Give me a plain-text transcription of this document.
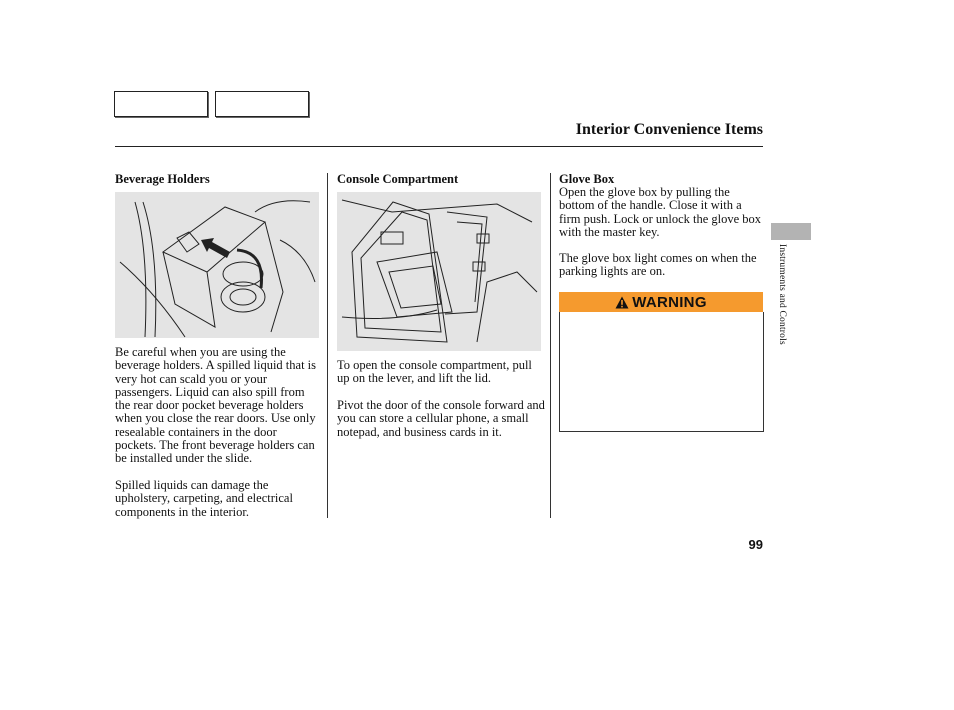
Interior Convenience Items
Beverage Holders
Be careful when you are using the beverage holders. A spilled liquid that is very hot can scald you or your passengers. Liquid can also spill from the rear door pocket beverage holders when you close the rear doors. Use only resealable containers in the door pockets. The front beverage holders can be installed under the slide.
Spilled liquids can damage the upholstery, carpeting, and electrical components in the interior.
Console Compartment
To open the console compartment, pull up on the lever, and lift the lid.
Pivot the door of the console forward and you can store a cellular phone, a small notepad, and business cards in it.
Glove Box
Open the glove box by pulling the bottom of the handle. Close it with a firm push. Lock or unlock the glove box with the master key.
The glove box light comes on when the parking lights are on.
WARNING	Instruments and Controls
99
